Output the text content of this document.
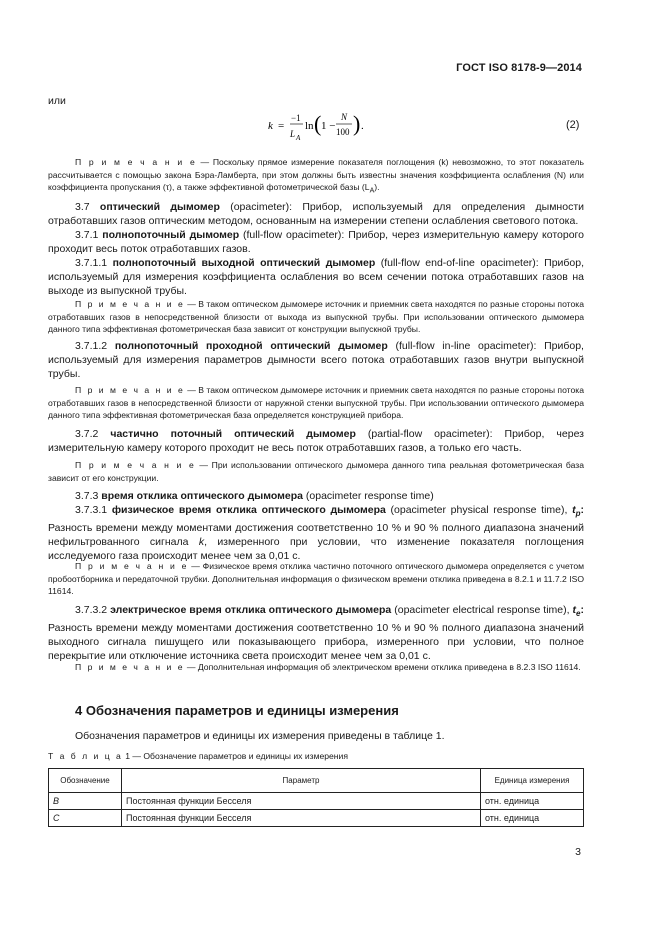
ГОСТ ISO 8178-9—2014
или
k =
−1
L A
ln ( 1 −
N
100 ) .	(2)
П р и м е ч а н и е — Поскольку прямое измерение показателя поглощения (k) невозможно, то этот показатель рассчитывается с помощью закона Бэра-Ламберта, при этом должны быть известны значения коэффициента ослабления (N) или коэффициента пропускания (τ), а также эффективной фотометрической базы $(L_A)$.
3.7 оптический дымомер (opacimeter): Прибор, используемый для определения дымности отработавших газов оптическим методом, основанным на измерении степени ослабления светового потока.
3.7.1 полнопоточный дымомер (full-flow opacimeter): Прибор, через измерительную камеру которого проходит весь поток отработавших газов.
3.7.1.1 полнопоточный выходной оптический дымомер (full-flow end-of-line opacimeter): Прибор, используемый для измерения коэффициента ослабления во всем сечении потока отработавших газов на выходе из выпускной трубы.
П р и м е ч а н и е — В таком оптическом дымомере источник и приемник света находятся по разные стороны потока отработавших газов в непосредственной близости от выхода из выпускной трубы. При использовании оптического дымомера данного типа эффективная фотометрическая база зависит от конструкции выпускной трубы.
3.7.1.2 полнопоточный проходной оптический дымомер (full-flow in-line opacimeter): Прибор, используемый для измерения параметров дымности всего потока отработавших газов внутри выпускной трубы.
П р и м е ч а н и е — В таком оптическом дымомере источник и приемник света находятся по разные стороны потока отработавших газов в непосредственной близости от наружной стенки выпускной трубы. При использовании оптического дымомера данного типа эффективная фотометрическая база определяется конструкцией прибора.
3.7.2 частично поточный оптический дымомер (partial-flow opacimeter): Прибор, через измерительную камеру которого проходит не весь поток отработавших газов, а только его часть.
П р и м е ч а н и е — При использовании оптического дымомера данного типа реальная фотометрическая база зависит от его конструкции.
3.7.3 время отклика оптического дымомера (opacimeter response time)
3.7.3.1 физическое время отклика оптического дымомера (opacimeter physical response time), $t_p$: Разность времени между моментами достижения соответственно 10 % и 90 % полного диапазона значений нефильтрованного сигнала k, измеренного при условии, что изменение показателя поглощения исследуемого газа происходит менее чем за 0,01 с.
П р и м е ч а н и е — Физическое время отклика частично поточного оптического дымомера определяется с учетом пробоотборника и передаточной трубки. Дополнительная информация о физическом времени отклика приведена в 8.2.1 и 11.7.2 ISO 11614.
3.7.3.2 электрическое время отклика оптического дымомера (opacimeter electrical response time), $t_e$: Разность времени между моментами достижения соответственно 10 % и 90 % полного диапазона значений выходного сигнала пишущего или показывающего прибора, измеренного при условии, что полное перекрытие или отключение источника света происходит менее чем за 0,01 с.
П р и м е ч а н и е — Дополнительная информация об электрическом времени отклика приведена в 8.2.3 ISO 11614.
4 Обозначения параметров и единицы измерения
Обозначения параметров и единицы их измерения приведены в таблице 1.
Т а б л и ц а 1 — Обозначение параметров и единицы их измерения
Обозначение	Параметр	Единица измерения
B	Постоянная функции Бесселя	отн. единица
C	Постоянная функции Бесселя	отн. единица
3
